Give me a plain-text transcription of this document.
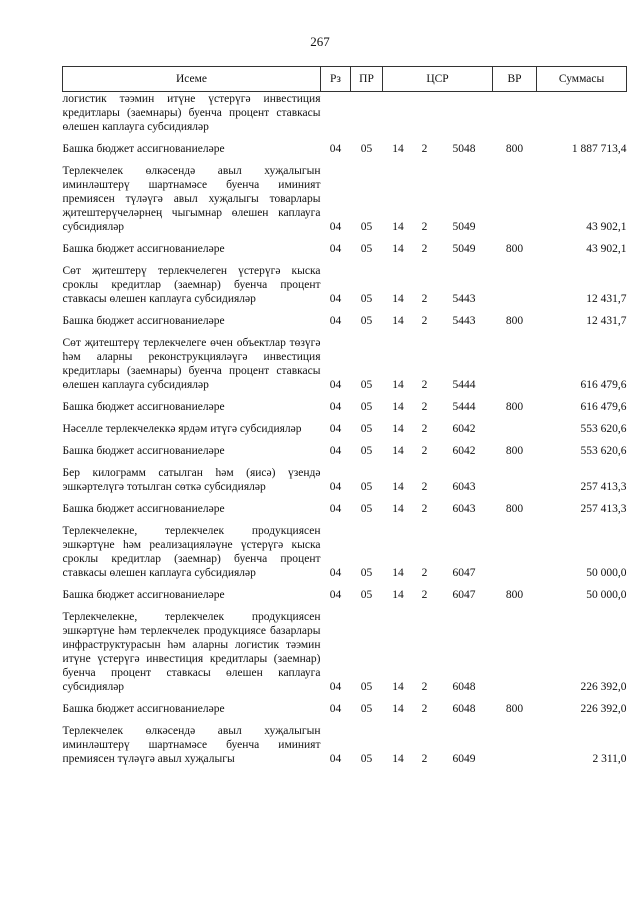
267
Исеме	Рз	ПР	ЦСР			ВР	Суммасы
логистик тәэмин итүне үстерүгә инвестиция кредитлары (заемнары) буенча процент ставкасы өлешен каплауга субсидияләр							

Башка бюджет ассигнованиеләре	04	05	14	2	5048	800	1 887 713,4

Терлекчелек өлкәсендә авыл хуҗалыгын иминләштерү шартнамәсе буенча иминият премиясен түләүгә авыл хуҗалыгы товарлары җитештерүчеләрнең чыгымнар өлешен каплауга субсидияләр	04	05	14	2	5049		43 902,1

Башка бюджет ассигнованиеләре	04	05	14	2	5049	800	43 902,1

Сөт җитештерү терлекчелеген үстерүгә кыска сроклы кредитлар (заемнар) буенча процент ставкасы өлешен каплауга субсидияләр	04	05	14	2	5443		12 431,7

Башка бюджет ассигнованиеләре	04	05	14	2	5443	800	12 431,7

Сөт җитештерү терлекчелеге өчен объектлар төзүгә һәм аларны реконструкцияләүгә инвестиция кредитлары (заемнары) буенча процент ставкасы өлешен каплауга субсидияләр	04	05	14	2	5444		616 479,6

Башка бюджет ассигнованиеләре	04	05	14	2	5444	800	616 479,6

Нәселле терлекчелеккә ярдәм итүгә субсидияләр	04	05	14	2	6042		553 620,6

Башка бюджет ассигнованиеләре	04	05	14	2	6042	800	553 620,6

Бер килограмм сатылган һәм (яисә) үзендә эшкәртелүгә тотылган сөткә субсидияләр	04	05	14	2	6043		257 413,3

Башка бюджет ассигнованиеләре	04	05	14	2	6043	800	257 413,3

Терлекчелекне, терлекчелек продукциясен эшкәртүне һәм реализацияләүне үстерүгә кыска сроклы кредитлар (заемнар) буенча процент ставкасы өлешен каплауга субсидияләр	04	05	14	2	6047		50 000,0

Башка бюджет ассигнованиеләре	04	05	14	2	6047	800	50 000,0

Терлекчелекне, терлекчелек продукциясен эшкәртүне һәм терлекчелек продукциясе базарлары инфраструктурасын һәм аларны логистик тәэмин итүне үстерүгә инвестиция кредитлары (заемнар) буенча процент ставкасы өлешен каплауга субсидияләр	04	05	14	2	6048		226 392,0

Башка бюджет ассигнованиеләре	04	05	14	2	6048	800	226 392,0

Терлекчелек өлкәсендә авыл хуҗалыгын иминләштерү шартнамәсе буенча иминият премиясен түләүгә авыл хуҗалыгы	04	05	14	2	6049		2 311,0
